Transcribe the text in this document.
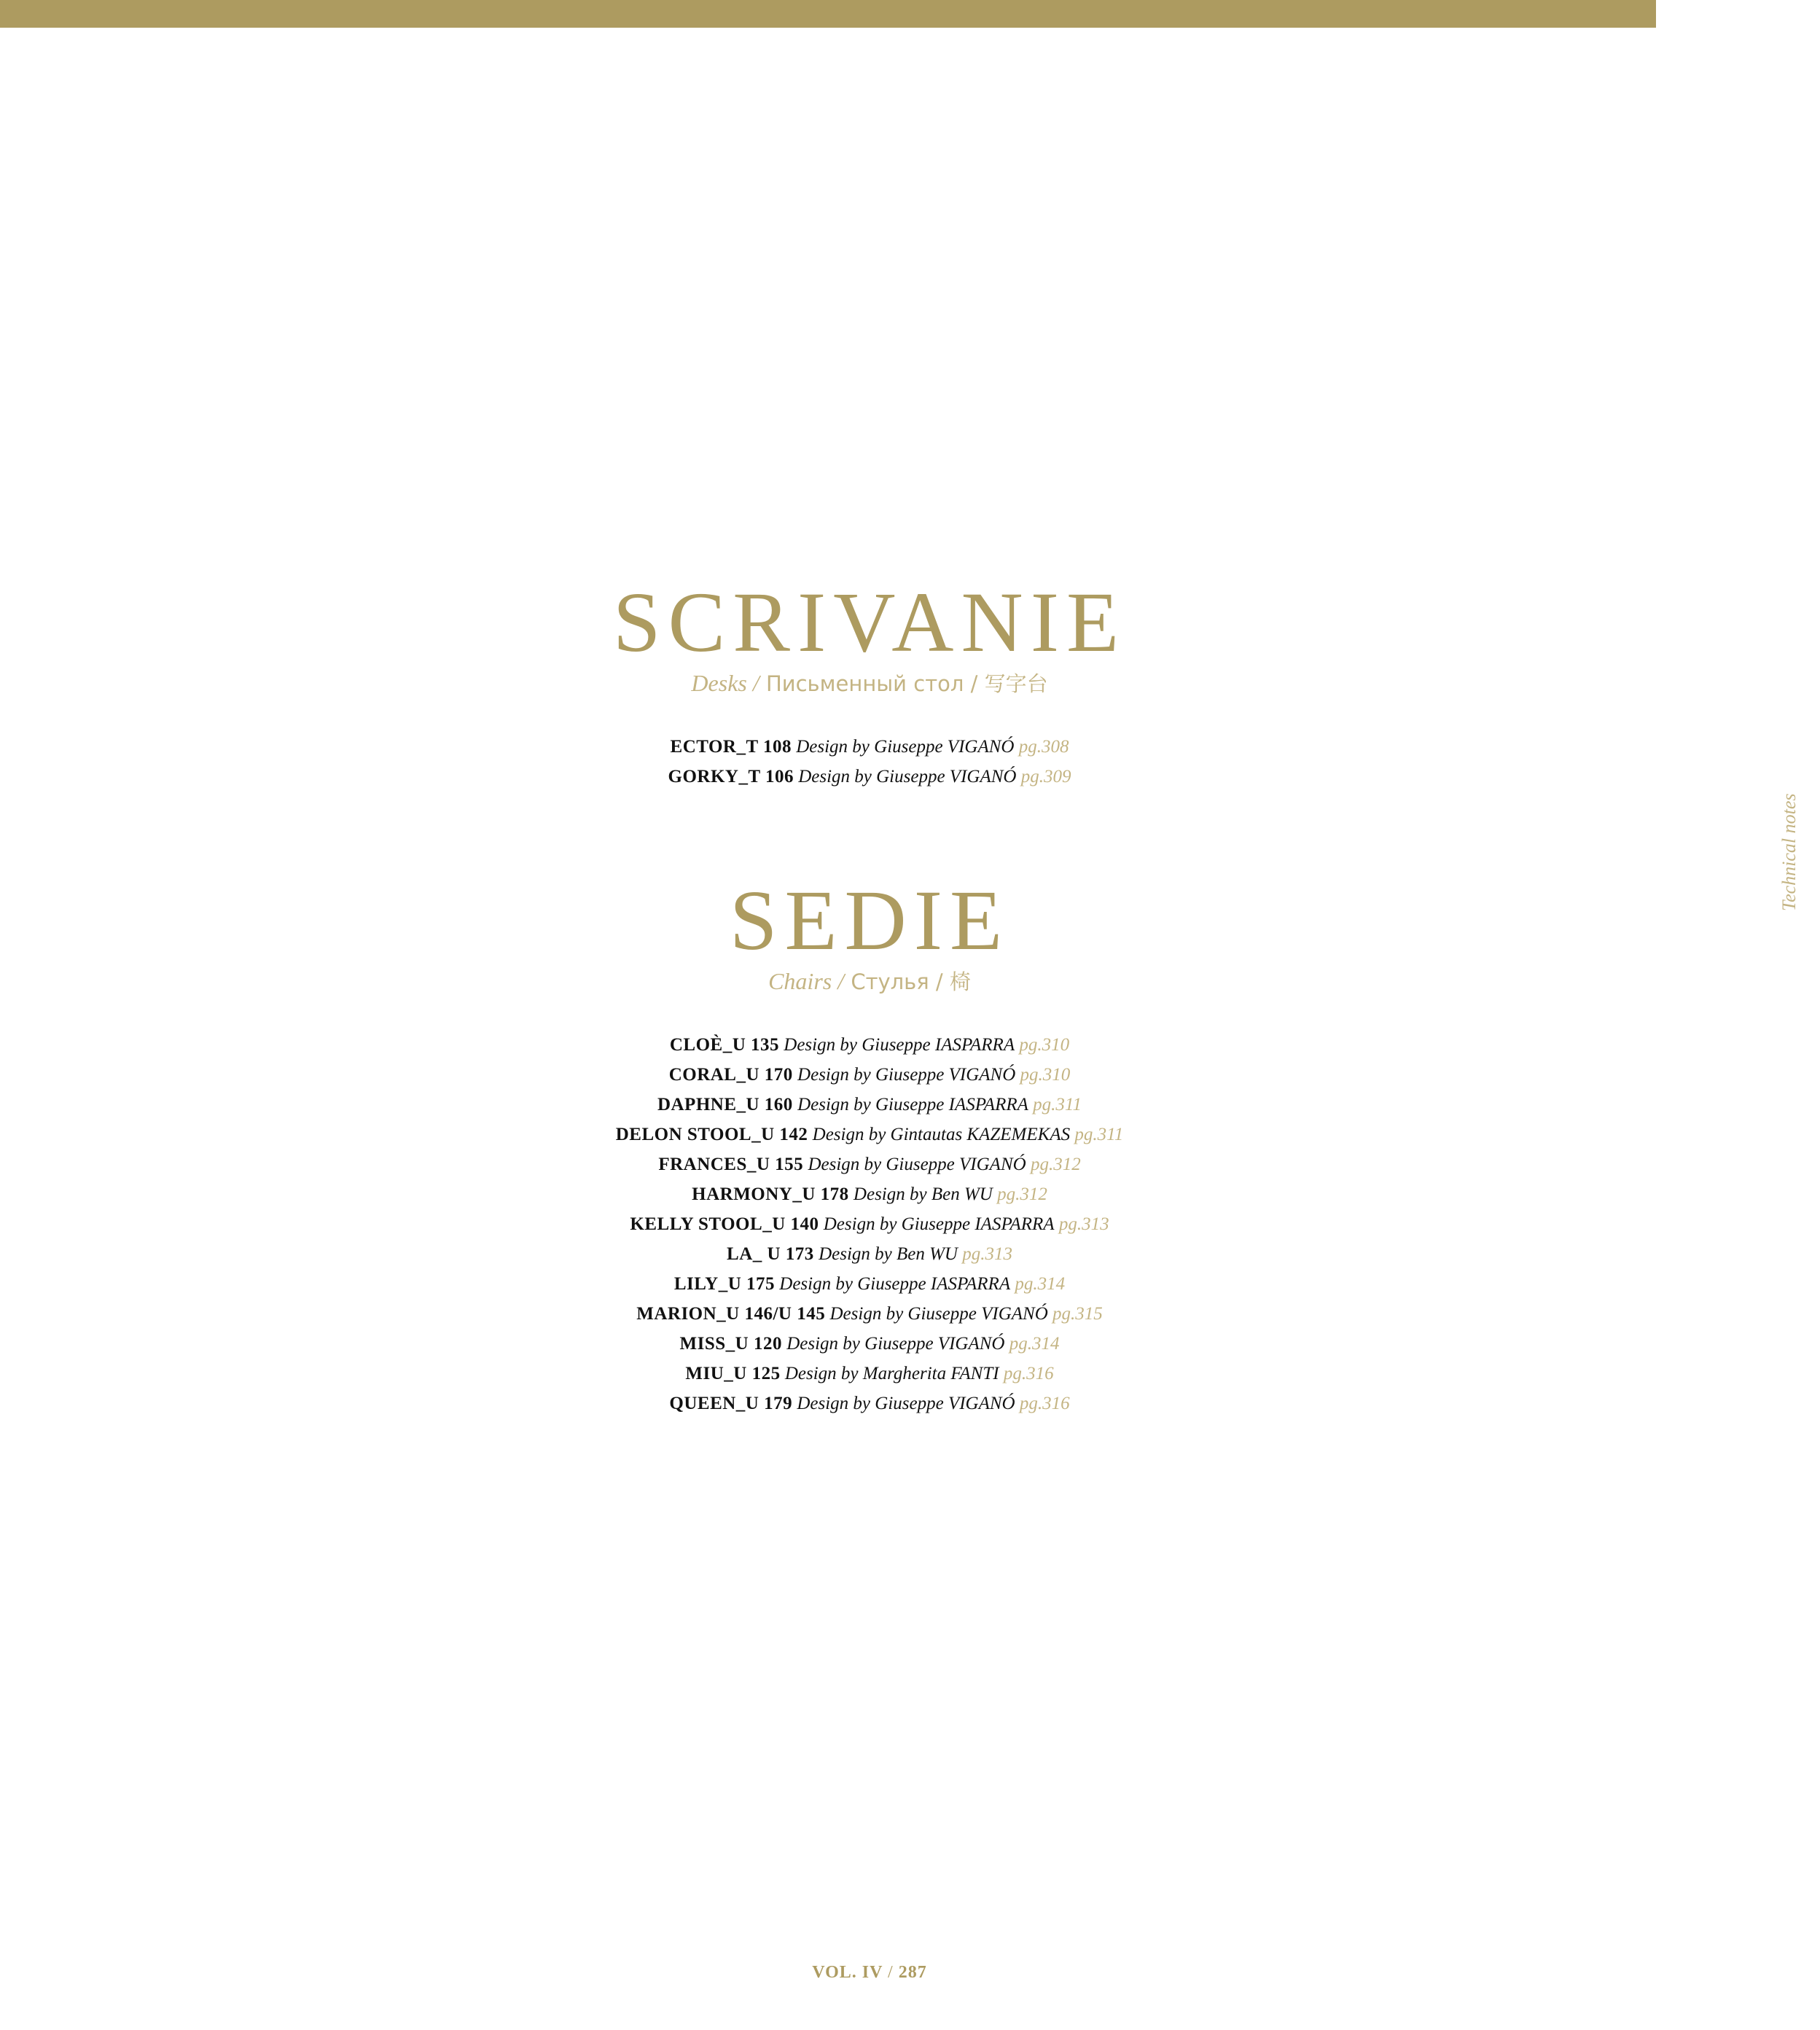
SCRIVANIE
Desks / Письменный стол / 写字台
ECTOR_T 108 Design by Giuseppe VIGANÓ pg.308
GORKY_T 106 Design by Giuseppe VIGANÓ pg.309
SEDIE
Chairs / Стулья / 椅
CLOÈ_U 135 Design by Giuseppe IASPARRA pg.310
CORAL_U 170 Design by Giuseppe VIGANÓ pg.310
DAPHNE_U 160 Design by Giuseppe IASPARRA pg.311
DELON STOOL_U 142 Design by Gintautas KAZEMEKAS pg.311
FRANCES_U 155 Design by Giuseppe VIGANÓ pg.312
HARMONY_U 178 Design by Ben WU pg.312
KELLY STOOL_U 140 Design by Giuseppe IASPARRA pg.313
LA_ U 173 Design by Ben WU pg.313
LILY_U 175 Design by Giuseppe IASPARRA pg.314
MARION_U 146/U 145 Design by Giuseppe VIGANÓ pg.315
MISS_U 120 Design by Giuseppe VIGANÓ pg.314
MIU_U 125 Design by Margherita FANTI pg.316
QUEEN_U 179 Design by Giuseppe VIGANÓ pg.316
Technical notes
VOL. IV / 287
